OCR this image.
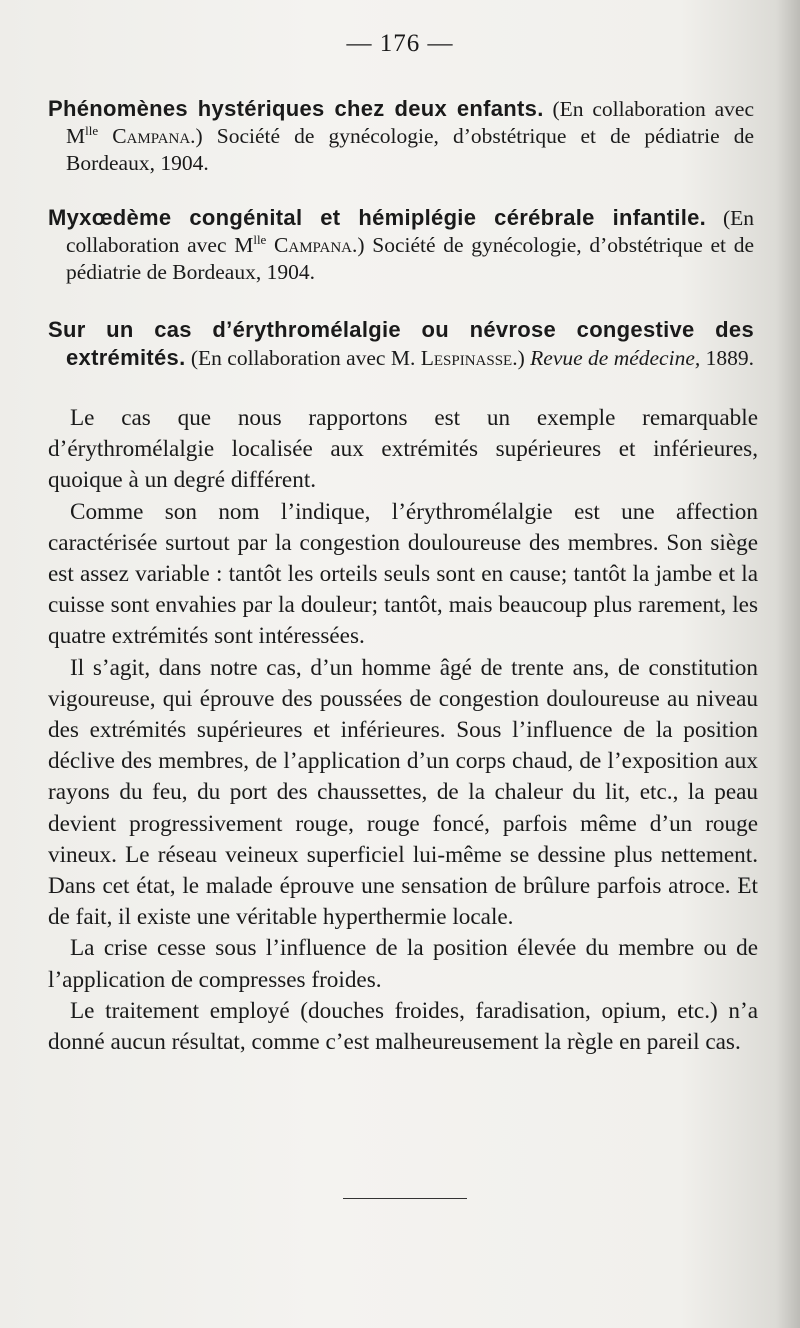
— 176 —

Phénomènes hystériques chez deux enfants. (En collaboration avec $M^{lle}$ Campana.) Société de gynécologie, d’obstétrique et de pédiatrie de Bordeaux, 1904.

Myxœdème congénital et hémiplégie cérébrale infantile. (En collaboration avec $M^{lle}$ Campana.) Société de gynécologie, d’obstétrique et de pédiatrie de Bordeaux, 1904.

Sur un cas d’érythromélalgie ou névrose congestive des extrémités. (En collaboration avec M. Lespinasse.) Revue de médecine, 1889.

Le cas que nous rapportons est un exemple remarquable d’érythromélalgie localisée aux extrémités supérieures et inférieures, quoique à un degré différent.

Comme son nom l’indique, l’érythromélalgie est une affection caractérisée surtout par la congestion douloureuse des membres. Son siège est assez variable : tantôt les orteils seuls sont en cause; tantôt la jambe et la cuisse sont envahies par la douleur; tantôt, mais beaucoup plus rarement, les quatre extrémités sont intéressées.

Il s’agit, dans notre cas, d’un homme âgé de trente ans, de constitution vigoureuse, qui éprouve des poussées de congestion douloureuse au niveau des extrémités supérieures et inférieures. Sous l’influence de la position déclive des membres, de l’application d’un corps chaud, de l’exposition aux rayons du feu, du port des chaussettes, de la chaleur du lit, etc., la peau devient progressivement rouge, rouge foncé, parfois même d’un rouge vineux. Le réseau veineux superficiel lui-même se dessine plus nettement. Dans cet état, le malade éprouve une sensation de brûlure parfois atroce. Et de fait, il existe une véritable hyperthermie locale.

La crise cesse sous l’influence de la position élevée du membre ou de l’application de compresses froides.

Le traitement employé (douches froides, faradisation, opium, etc.) n’a donné aucun résultat, comme c’est malheureusement la règle en pareil cas.
